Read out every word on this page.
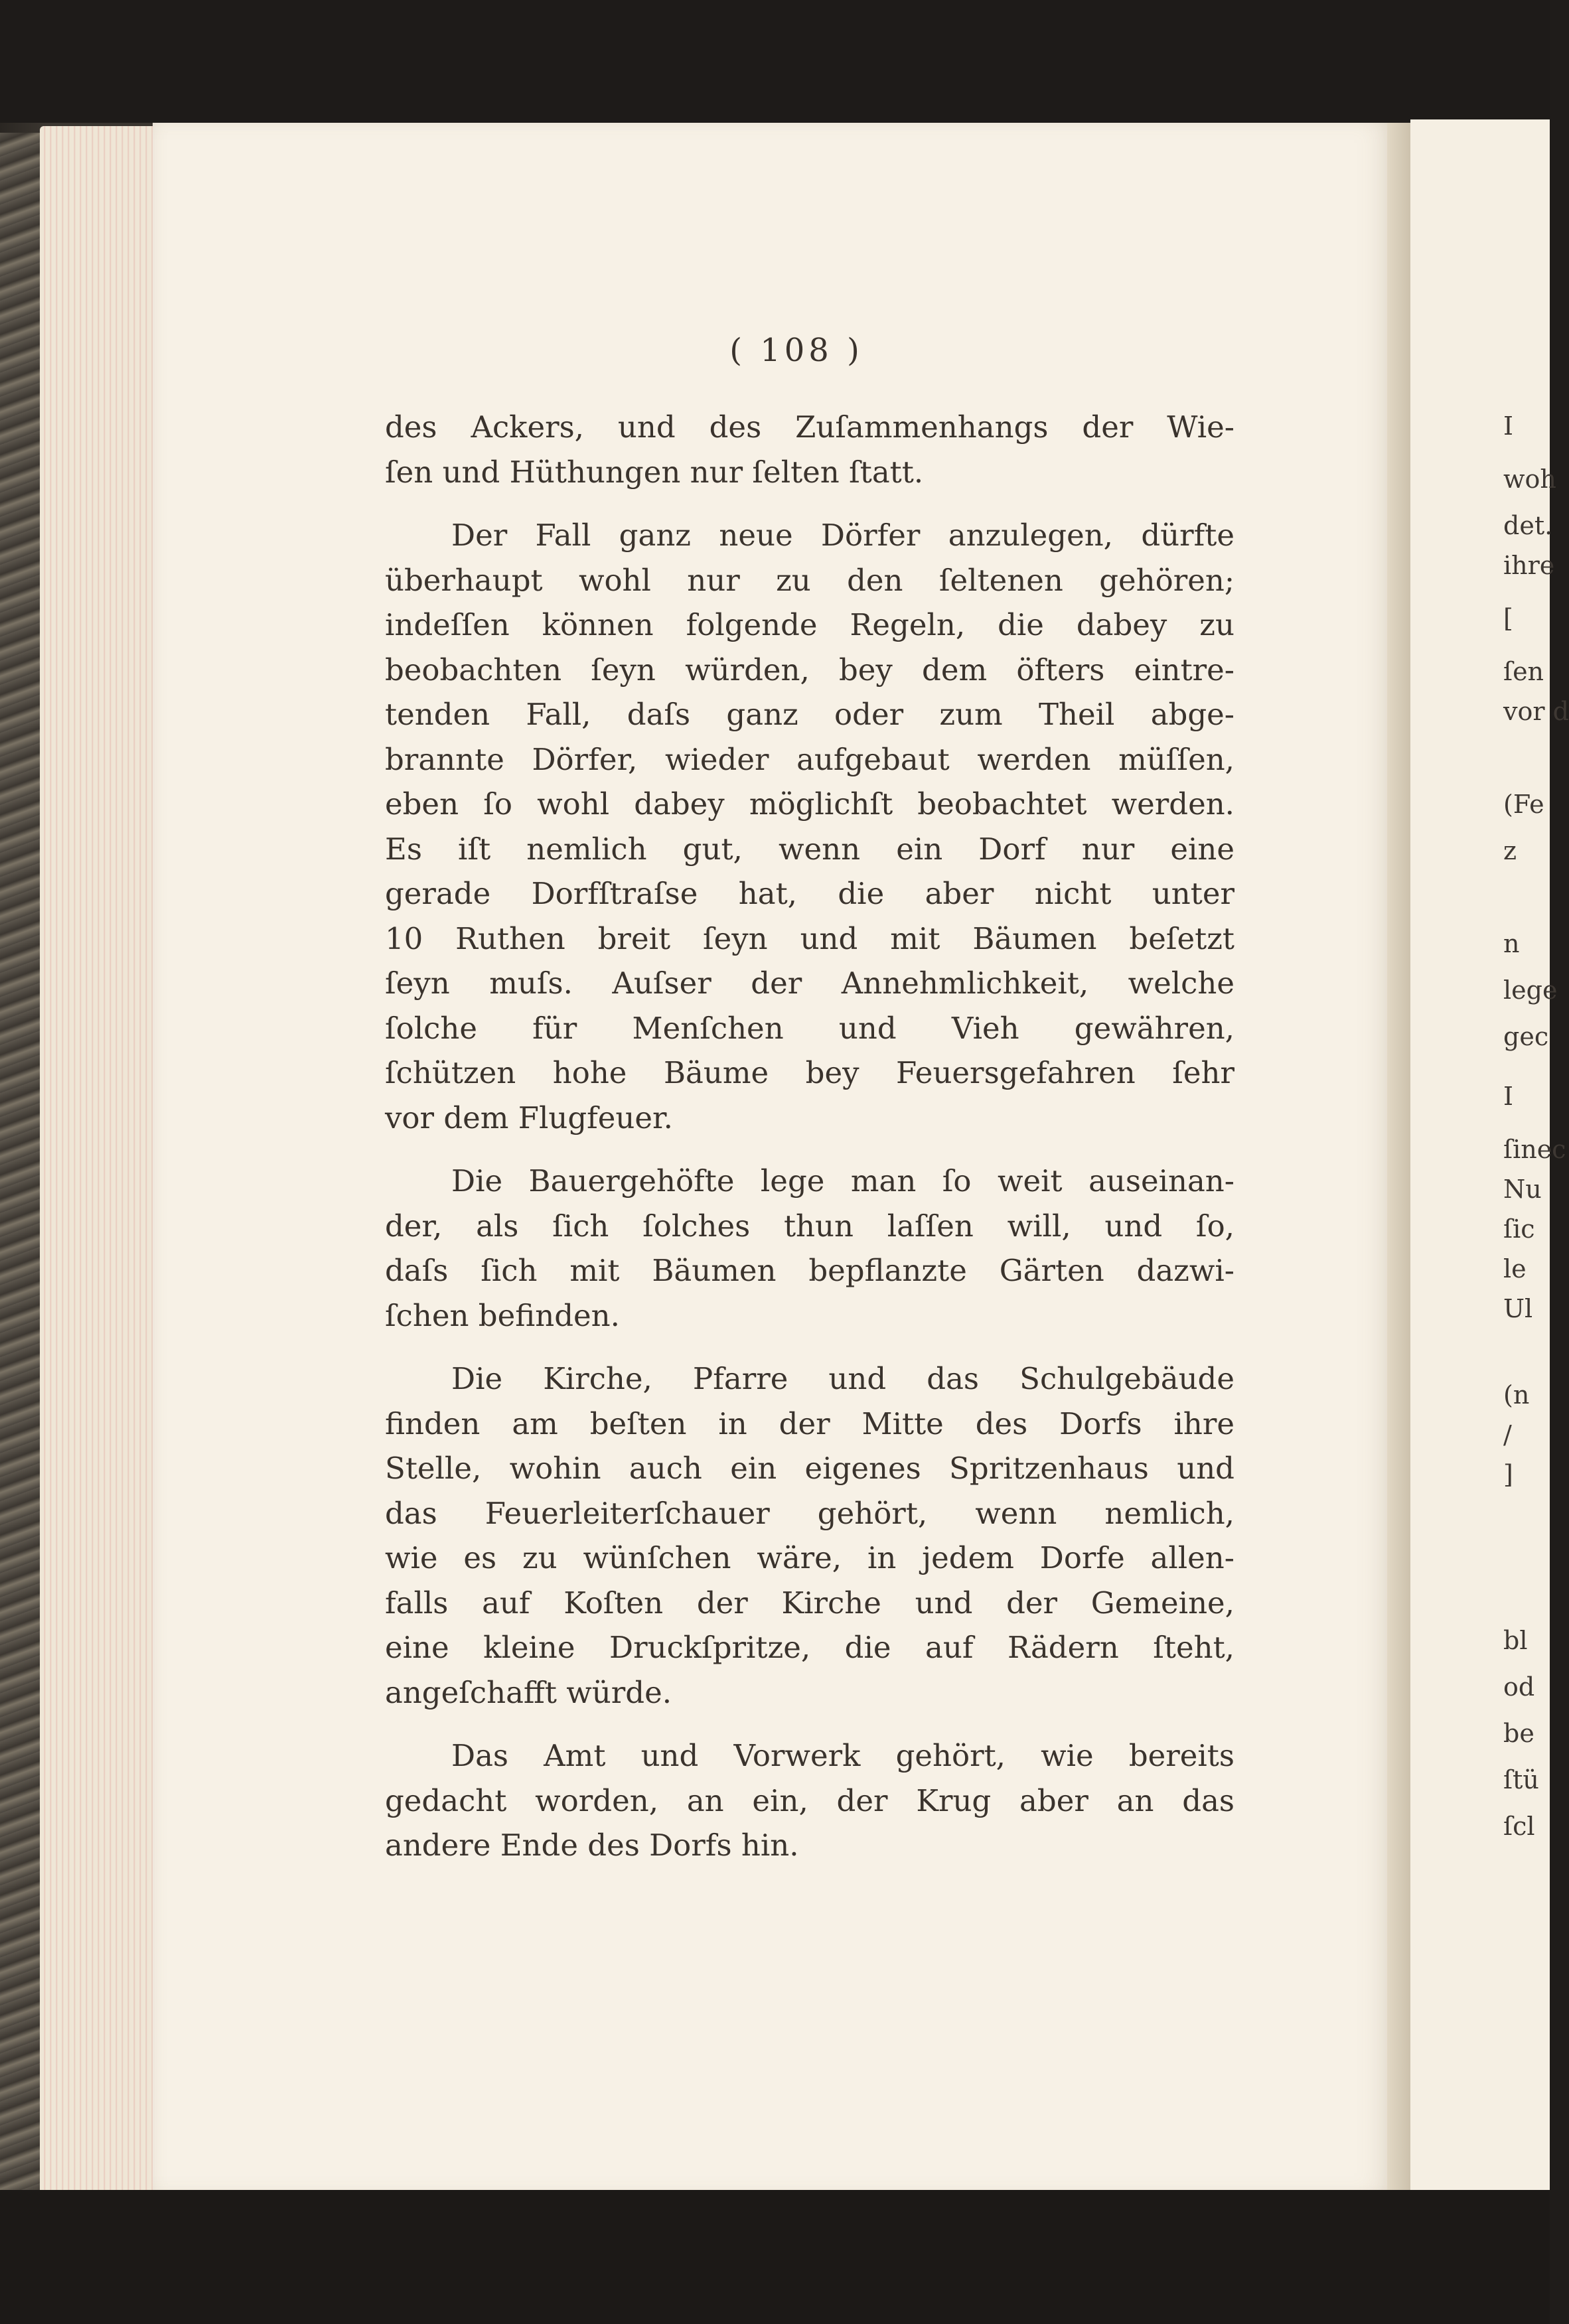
I
woh
det.
ihre
[
ſen
vor d
(Fe
z
n
lege
gec
I
ſinec
Nu
ſic
le
Ul
(n
/
]
bl
od
be
ſtü
ſcl
( 108 )
des Ackers, und des Zuſammenhangs der Wie-
ſen und Hüthungen nur ſelten ſtatt.
Der Fall ganz neue Dörfer anzulegen, dürfte
überhaupt wohl nur zu den ſeltenen gehören;
indeſſen können folgende Regeln, die dabey zu
beobachten ſeyn würden, bey dem öfters eintre-
tenden Fall, daſs ganz oder zum Theil abge-
brannte Dörfer, wieder aufgebaut werden müſſen,
eben ſo wohl dabey möglichſt beobachtet werden.
Es iſt nemlich gut, wenn ein Dorf nur eine
gerade Dorfſtraſse hat, die aber nicht unter
10 Ruthen breit ſeyn und mit Bäumen beſetzt
ſeyn muſs. Auſser der Annehmlichkeit, welche
ſolche für Menſchen und Vieh gewähren,
ſchützen hohe Bäume bey Feuersgefahren ſehr
vor dem Flugfeuer.
Die Bauergehöfte lege man ſo weit auseinan-
der, als ſich ſolches thun laſſen will, und ſo,
daſs ſich mit Bäumen bepflanzte Gärten dazwi-
ſchen befinden.
Die Kirche, Pfarre und das Schulgebäude
finden am beſten in der Mitte des Dorfs ihre
Stelle, wohin auch ein eigenes Spritzenhaus und
das Feuerleiterſchauer gehört, wenn nemlich,
wie es zu wünſchen wäre, in jedem Dorfe allen-
falls auf Koſten der Kirche und der Gemeine,
eine kleine Druckſpritze, die auf Rädern ſteht,
angeſchafft würde.
Das Amt und Vorwerk gehört, wie bereits
gedacht worden, an ein, der Krug aber an das
andere Ende des Dorfs hin.
